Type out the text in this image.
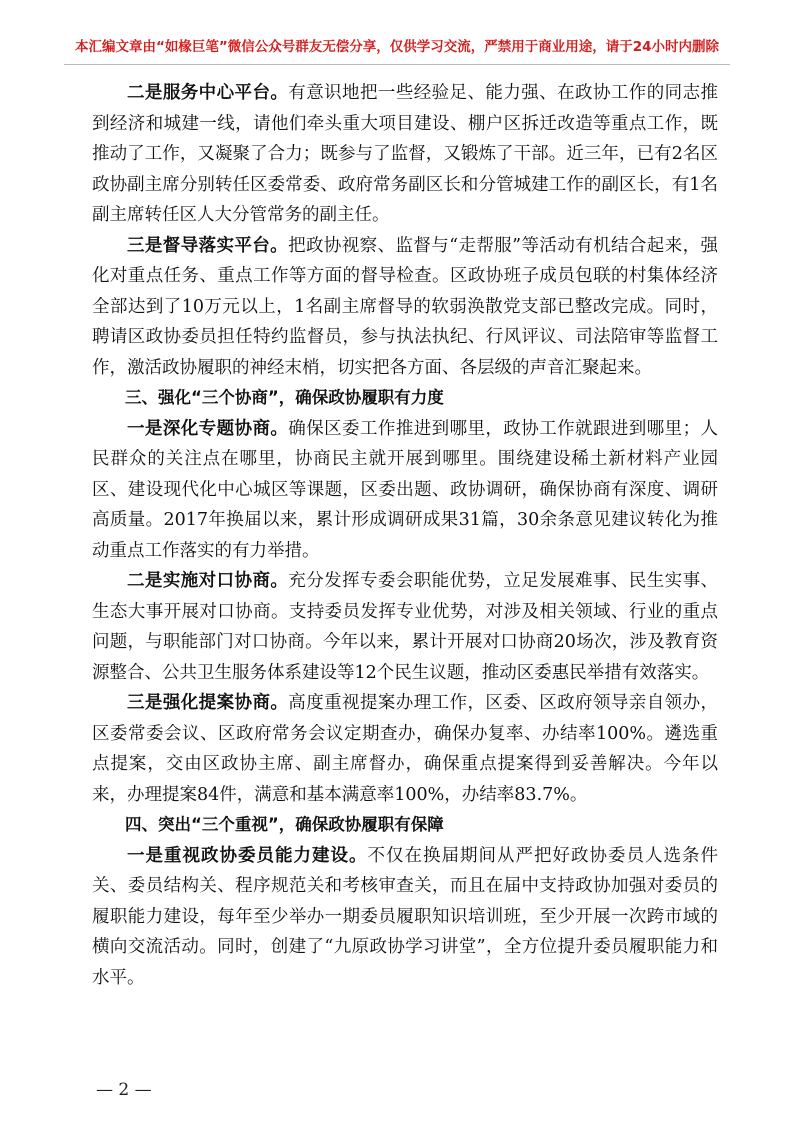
本汇编文章由“如椽巨笔”微信公众号群友无偿分享，仅供学习交流，严禁用于商业用途，请于24小时内删除

二是服务中心平台。有意识地把一些经验足、能力强、在政协工作的同志推到经济和城建一线，请他们牵头重大项目建设、棚户区拆迁改造等重点工作，既推动了工作，又凝聚了合力；既参与了监督，又锻炼了干部。近三年，已有2名区政协副主席分别转任区委常委、政府常务副区长和分管城建工作的副区长，有1名副主席转任区人大分管常务的副主任。

三是督导落实平台。把政协视察、监督与“走帮服”等活动有机结合起来，强化对重点任务、重点工作等方面的督导检查。区政协班子成员包联的村集体经济全部达到了10万元以上，1名副主席督导的软弱涣散党支部已整改完成。同时，聘请区政协委员担任特约监督员，参与执法执纪、行风评议、司法陪审等监督工作，激活政协履职的神经末梢，切实把各方面、各层级的声音汇聚起来。

三、强化“三个协商”，确保政协履职有力度

一是深化专题协商。确保区委工作推进到哪里，政协工作就跟进到哪里；人民群众的关注点在哪里，协商民主就开展到哪里。围绕建设稀土新材料产业园区、建设现代化中心城区等课题，区委出题、政协调研，确保协商有深度、调研高质量。2017年换届以来，累计形成调研成果31篇，30余条意见建议转化为推动重点工作落实的有力举措。

二是实施对口协商。充分发挥专委会职能优势，立足发展难事、民生实事、生态大事开展对口协商。支持委员发挥专业优势，对涉及相关领域、行业的重点问题，与职能部门对口协商。今年以来，累计开展对口协商20场次，涉及教育资源整合、公共卫生服务体系建设等12个民生议题，推动区委惠民举措有效落实。

三是强化提案协商。高度重视提案办理工作，区委、区政府领导亲自领办，区委常委会议、区政府常务会议定期查办，确保办复率、办结率100%。遴选重点提案，交由区政协主席、副主席督办，确保重点提案得到妥善解决。今年以来，办理提案84件，满意和基本满意率100%，办结率83.7%。

四、突出“三个重视”，确保政协履职有保障

一是重视政协委员能力建设。不仅在换届期间从严把好政协委员人选条件关、委员结构关、程序规范关和考核审查关，而且在届中支持政协加强对委员的履职能力建设，每年至少举办一期委员履职知识培训班，至少开展一次跨市域的横向交流活动。同时，创建了“九原政协学习讲堂”，全方位提升委员履职能力和水平。

— 2 —
